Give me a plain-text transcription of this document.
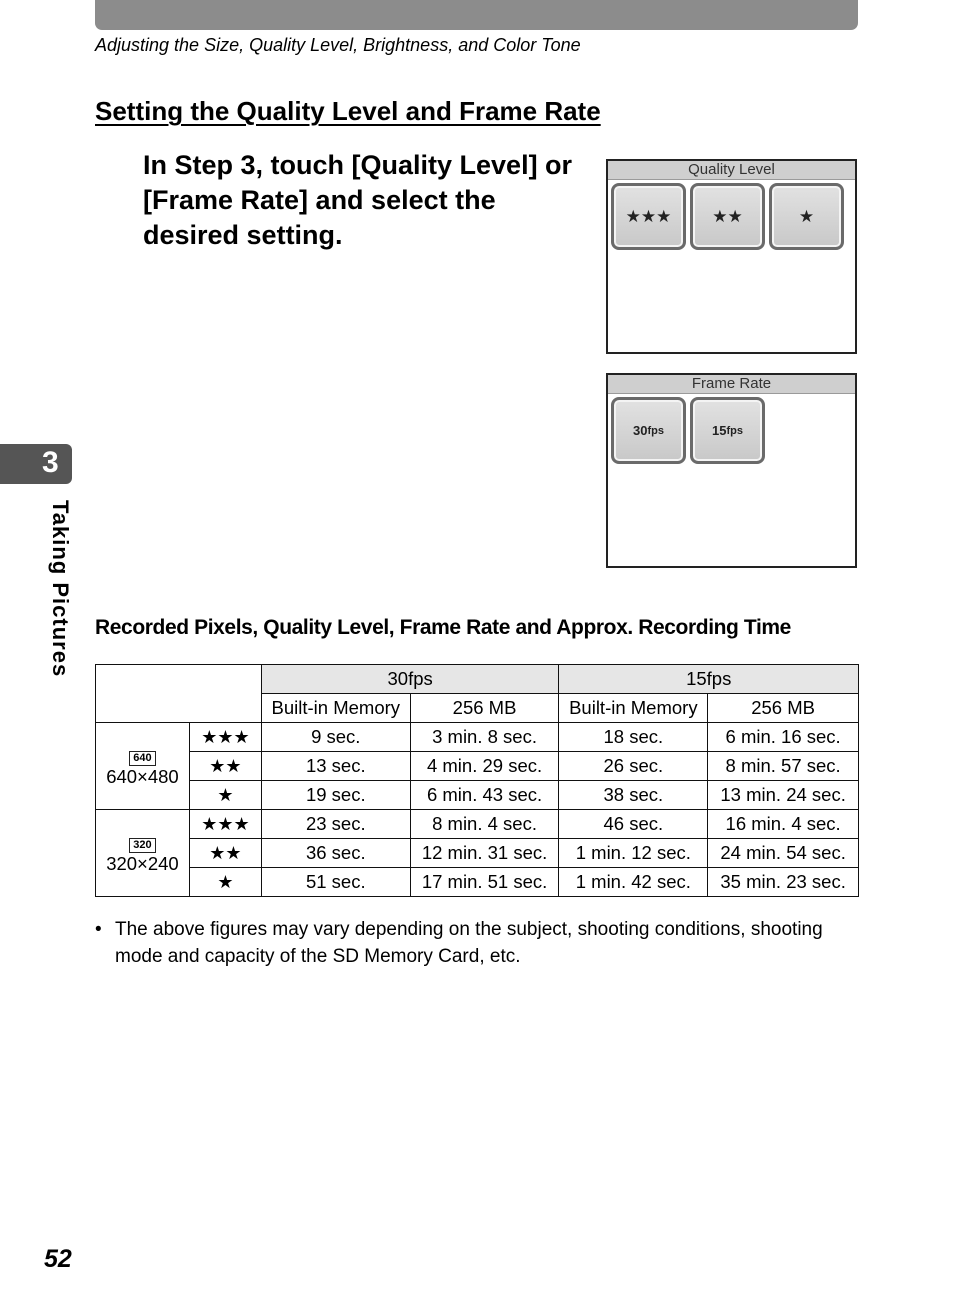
Adjusting the Size, Quality Level, Brightness, and Color Tone
Setting the Quality Level and Frame Rate
In Step 3, touch [Quality Level] or [Frame Rate] and select the desired setting.
Quality Level
★★★	★★	★
Frame Rate
30 fps	15 fps
3
Taking Pictures Recorded Pixels, Quality Level, Frame Rate and Approx. Recording Time
		30fps		15fps	
		Built-in Memory	256 MB	Built-in Memory	256 MB
640
640×480	★★★	9 sec.	3 min. 8 sec.	18 sec.	6 min. 16 sec.
	★★	13 sec.	4 min. 29 sec.	26 sec.	8 min. 57 sec.
	★	19 sec.	6 min. 43 sec.	38 sec.	13 min. 24 sec.
320
320×240	★★★	23 sec.	8 min. 4 sec.	46 sec.	16 min. 4 sec.
	★★	36 sec.	12 min. 31 sec.	1 min. 12 sec.	24 min. 54 sec.
	★	51 sec.	17 min. 51 sec.	1 min. 42 sec.	35 min. 23 sec.
• The above figures may vary depending on the subject, shooting conditions, shooting mode and capacity of the SD Memory Card, etc.
52
